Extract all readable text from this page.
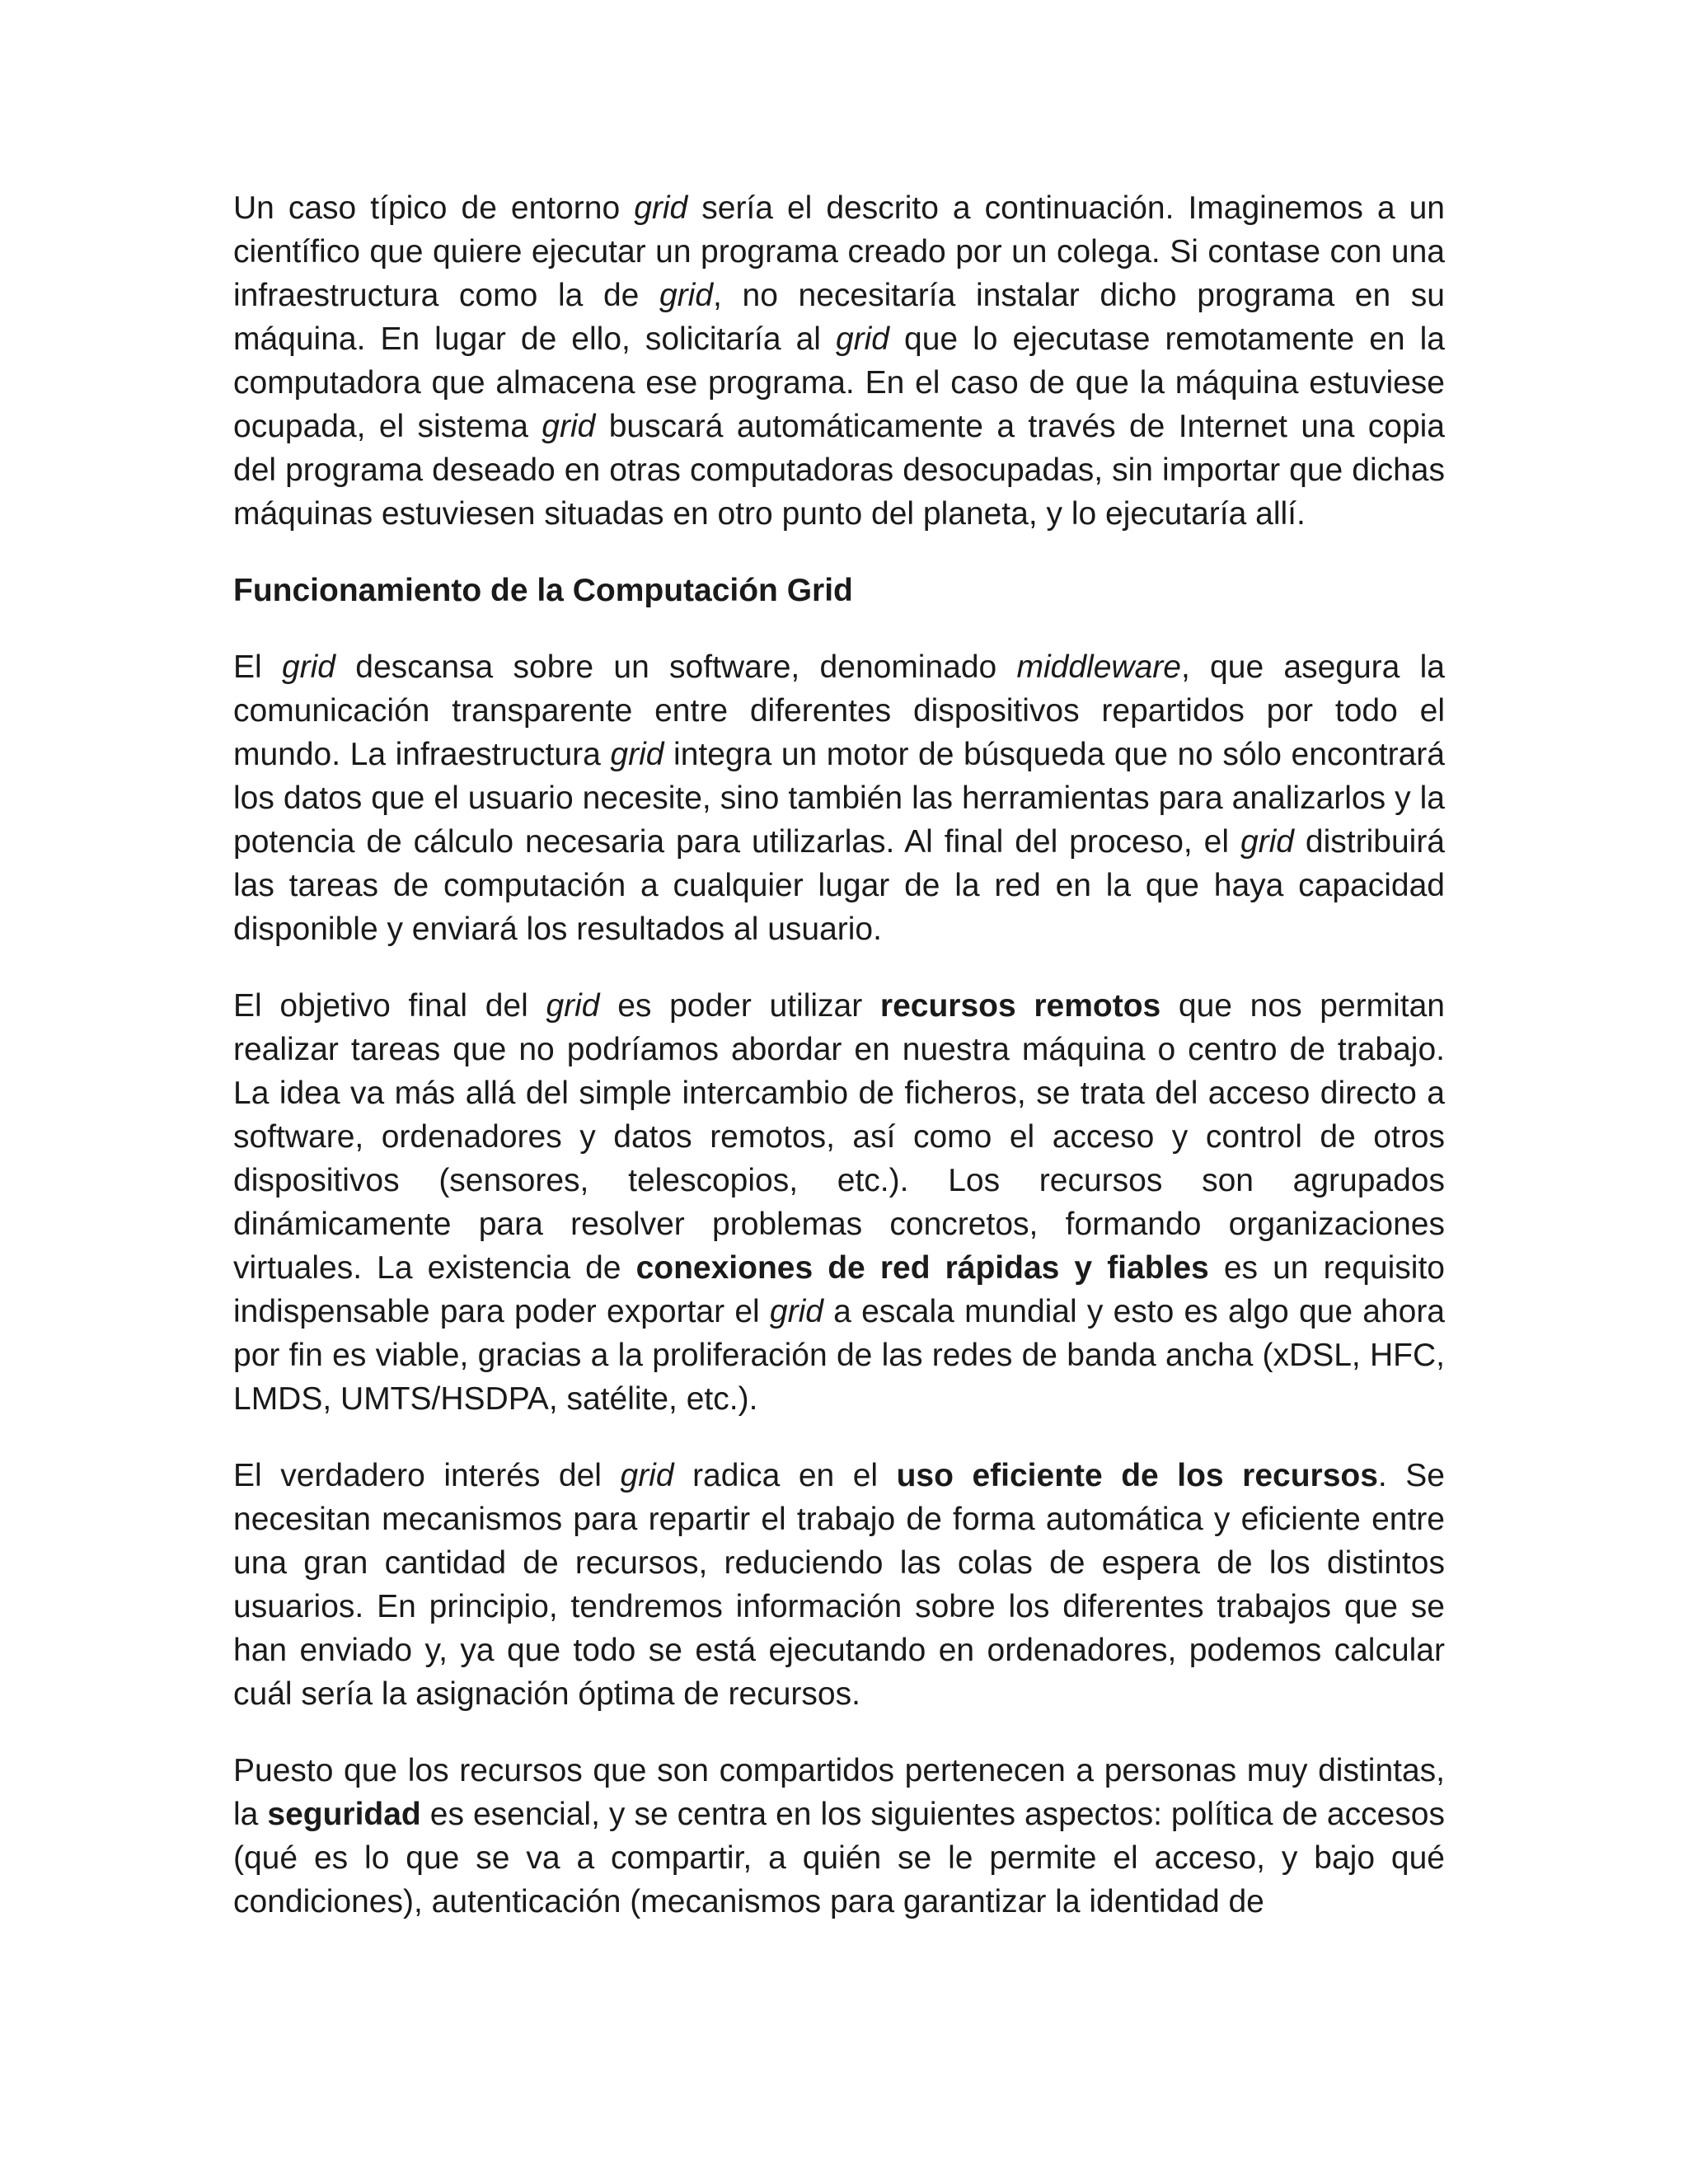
Un caso típico de entorno grid sería el descrito a continuación. Imaginemos a un científico que quiere ejecutar un programa creado por un colega. Si contase con una infraestructura como la de grid, no necesitaría instalar dicho programa en su máquina. En lugar de ello, solicitaría al grid que lo ejecutase remotamente en la computadora que almacena ese programa. En el caso de que la máquina estuviese ocupada, el sistema grid buscará automáticamente a través de Internet una copia del programa deseado en otras computadoras desocupadas, sin importar que dichas máquinas estuviesen situadas en otro punto del planeta, y lo ejecutaría allí.

Funcionamiento de la Computación Grid

El grid descansa sobre un software, denominado middleware, que asegura la comunicación transparente entre diferentes dispositivos repartidos por todo el mundo. La infraestructura grid integra un motor de búsqueda que no sólo encontrará los datos que el usuario necesite, sino también las herramientas para analizarlos y la potencia de cálculo necesaria para utilizarlas. Al final del proceso, el grid distribuirá las tareas de computación a cualquier lugar de la red en la que haya capacidad disponible y enviará los resultados al usuario.

El objetivo final del grid es poder utilizar recursos remotos que nos permitan realizar tareas que no podríamos abordar en nuestra máquina o centro de trabajo. La idea va más allá del simple intercambio de ficheros, se trata del acceso directo a software, ordenadores y datos remotos, así como el acceso y control de otros dispositivos (sensores, telescopios, etc.). Los recursos son agrupados dinámicamente para resolver problemas concretos, formando organizaciones virtuales. La existencia de conexiones de red rápidas y fiables es un requisito indispensable para poder exportar el grid a escala mundial y esto es algo que ahora por fin es viable, gracias a la proliferación de las redes de banda ancha (xDSL, HFC, LMDS, UMTS/HSDPA, satélite, etc.).

El verdadero interés del grid radica en el uso eficiente de los recursos. Se necesitan mecanismos para repartir el trabajo de forma automática y eficiente entre una gran cantidad de recursos, reduciendo las colas de espera de los distintos usuarios. En principio, tendremos información sobre los diferentes trabajos que se han enviado y, ya que todo se está ejecutando en ordenadores, podemos calcular cuál sería la asignación óptima de recursos.

Puesto que los recursos que son compartidos pertenecen a personas muy distintas, la seguridad es esencial, y se centra en los siguientes aspectos: política de accesos (qué es lo que se va a compartir, a quién se le permite el acceso, y bajo qué condiciones), autenticación (mecanismos para garantizar la identidad de
